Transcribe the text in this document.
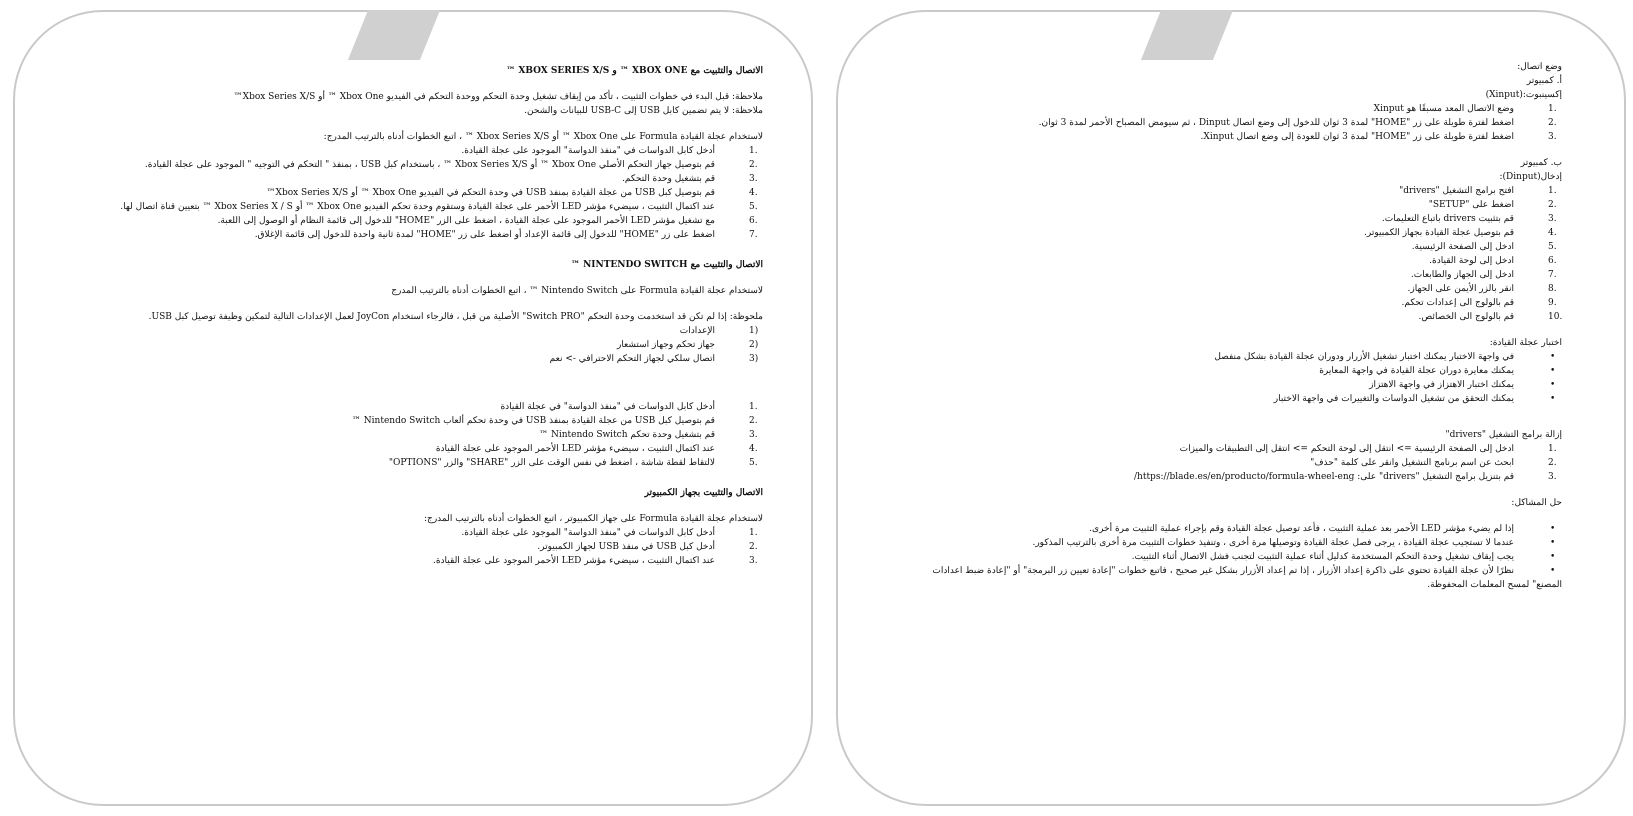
الاتصال والتثبيت مع XBOX ONE ™ و XBOX SERIES X/S ™
ملاحظة: قبل البدء في خطوات التثبيت ، تأكد من إيقاف تشغيل وحدة التحكم ووحدة التحكم في الفيديو Xbox One ™ أو Xbox Series X/S™
ملاحظة: لا يتم تضمين كابل USB إلى USB-C للبيانات والشحن.
لاستخدام عجلة القيادة Formula على Xbox One ™ أو Xbox Series X/S ™ ، اتبع الخطوات أدناه بالترتيب المدرج:
1.
أدخل كابل الدواسات في "منفذ الدواسة" الموجود على عجلة القيادة.
2.
قم بتوصيل جهاز التحكم الأصلي Xbox One ™ أو Xbox Series X/S ™ ، باستخدام كبل USB ، بمنفذ " التحكم في التوجيه " الموجود على عجلة القيادة.
3.
قم بتشغيل وحدة التحكم.
4.
قم بتوصيل كبل USB من عجلة القيادة بمنفذ USB في وحدة التحكم في الفيديو Xbox One ™ أو Xbox Series X/S™
5.
عند اكتمال التثبيت ، سيضيء مؤشر LED الأحمر على عجلة القيادة وستقوم وحدة تحكم الفيديو Xbox One ™ أو Xbox Series X / S ™ بتعيين قناة اتصال لها.
6.
مع تشغيل مؤشر LED الأحمر الموجود على عجلة القيادة ، اضغط على الزر "HOME" للدخول إلى قائمة النظام أو الوصول إلى اللعبة.
7.
اضغط على زر "HOME" للدخول إلى قائمة الإعداد أو اضغط على زر "HOME" لمدة ثانية واحدة للدخول إلى قائمة الإغلاق.
الاتصال والتثبيت مع NINTENDO SWITCH ™
لاستخدام عجلة القيادة Formula على Nintendo Switch ™ ، اتبع الخطوات أدناه بالترتيب المدرج
ملحوظة: إذا لم تكن قد استخدمت وحدة التحكم "Switch PRO" الأصلية من قبل ، فالرجاء استخدام JoyCon لعمل الإعدادات التالية لتمكين وظيفة توصيل كبل USB.
1)
الإعدادات
2)
جهاز تحكم وجهاز استشعار
3)
اتصال سلكي لجهاز التحكم الاحترافي -> نعم
1.
أدخل كابل الدواسات في "منفذ الدواسة" في عجلة القيادة
2.
قم بتوصيل كبل USB من عجلة القيادة بمنفذ USB في وحدة تحكم ألعاب Nintendo Switch ™
3.
قم بتشغيل وحدة تحكم Nintendo Switch ™
4.
عند اكتمال التثبيت ، سيضيء مؤشر LED الأحمر الموجود على عجلة القيادة
5.
لالتقاط لقطة شاشة ، اضغط في نفس الوقت على الزر "SHARE" والزر "OPTIONS"
الاتصال والتثبيت بجهاز الكمبيوتر
لاستخدام عجلة القيادة Formula على جهاز الكمبيوتر ، اتبع الخطوات أدناه بالترتيب المدرج:
1.
أدخل كابل الدواسات في "منفذ الدواسة" الموجود على عجلة القيادة.
2.
أدخل كبل USB في منفذ USB لجهاز الكمبيوتر.
3.
عند اكتمال التثبيت ، سيضيء مؤشر LED الأحمر الموجود على عجلة القيادة.
وضع اتصال:
أ. كمبيوتر
إكسينبوت:(Xinput)
1.
وضع الاتصال المعد مسبقًا هو Xinput
2.
اضغط لفترة طويلة على زر "HOME" لمدة 3 ثوان للدخول إلى وضع اتصال Dinput ، ثم سيومض المصباح الأحمر لمدة 3 ثوان.
3.
اضغط لفترة طويلة على زر "HOME" لمدة 3 ثوان للعودة إلى وضع اتصال Xinput.
ب. كمبيوتر
إدخال(Dinput):
1.
افتح برامج التشغيل "drivers"
2.
اضغط على "SETUP"
3.
قم بتثبيت drivers باتباع التعليمات.
4.
قم بتوصيل عجلة القيادة بجهاز الكمبيوتر.
5.
ادخل إلى الصفحة الرئيسية.
6.
ادخل إلى لوحة القيادة.
7.
ادخل إلى الجهاز والطابعات.
8.
انقر بالزر الأيمن على الجهاز.
9.
قم بالولوج الى إعدادات تحكم.
10.
قم بالولوج الى الخصائص.
اختبار عجلة القيادة:
•
في واجهة الاختبار يمكنك اختبار تشغيل الأزرار ودوران عجلة القيادة بشكل منفصل
•
يمكنك معايرة دوران عجلة القيادة في واجهة المعايرة
•
يمكنك اختبار الاهتزاز في واجهة الاهتزاز
•
يمكنك التحقق من تشغيل الدواسات والتغييرات في واجهة الاختبار
إزالة برامج التشغيل "drivers"
1.
ادخل إلى الصفحة الرئيسية => انتقل إلى لوحة التحكم => انتقل إلى التطبيقات والميزات
2.
ابحث عن اسم برنامج التشغيل وانقر على كلمة "حذف"
3.
قم بتنزيل برامج التشغيل "drivers" على: https://blade.es/en/producto/formula-wheel-eng/
حل المشاكل:
•
إذا لم يضيء مؤشر LED الأحمر بعد عملية التثبيت ، فأعد توصيل عجلة القيادة وقم بإجراء عملية التثبيت مرة أخرى.
•
عندما لا تستجيب عجلة القيادة ، يرجى فصل عجلة القيادة وتوصيلها مرة أخرى ، وتنفيذ خطوات التثبيت مرة أخرى بالترتيب المذكور.
•
يجب إيقاف تشغيل وحدة التحكم المستخدمة كدليل أثناء عملية التثبيت لتجنب فشل الاتصال أثناء التثبيت.
•
نظرًا لأن عجلة القيادة تحتوي على ذاكرة إعداد الأزرار ، إذا تم إعداد الأزرار بشكل غير صحيح ، فاتبع خطوات "إعادة تعيين زر البرمجة" أو "إعادة ضبط اعدادات
المصنع" لمسح المعلمات المحفوظة.
